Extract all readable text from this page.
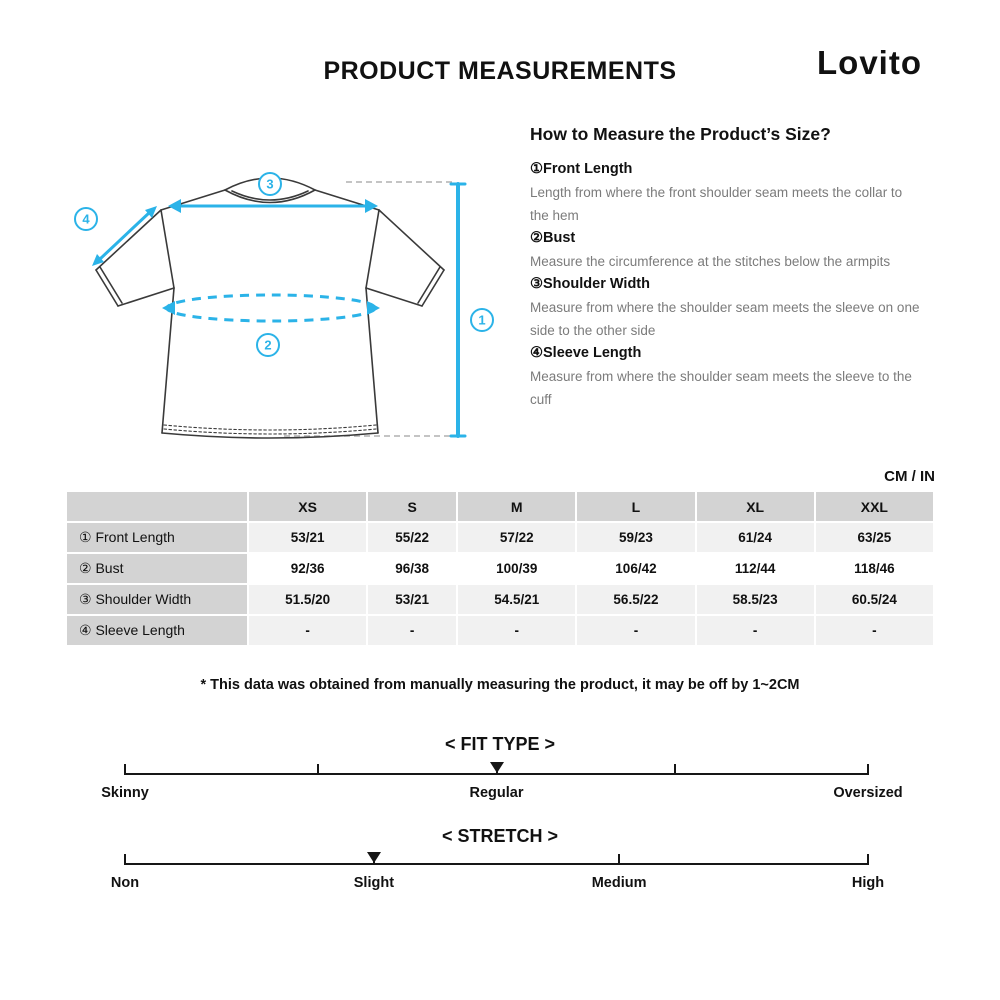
PRODUCT MEASUREMENTS	Lovito
3
4
2
1
How to Measure the Product’s Size?
①Front Length
Length from where the front shoulder seam meets the collar to the hem
②Bust
Measure the circumference at the stitches below the armpits
③Shoulder Width
Measure from where the shoulder seam meets the sleeve on one side to the other side
④Sleeve Length
Measure from where the shoulder seam meets the sleeve to the cuff
CM / IN
	XS	S	M	L	XL	XXL
① Front Length	53/21	55/22	57/22	59/23	61/24	63/25
② Bust	92/36	96/38	100/39	106/42	112/44	118/46
③ Shoulder Width	51.5/20	53/21	54.5/21	56.5/22	58.5/23	60.5/24
④ Sleeve Length	-	-	-	-	-	-

* This data was obtained from manually measuring the product, it may be off by 1~2CM

< FIT TYPE >
Skinny	Regular	Oversized
< STRETCH >
Non	Slight	Medium	High
